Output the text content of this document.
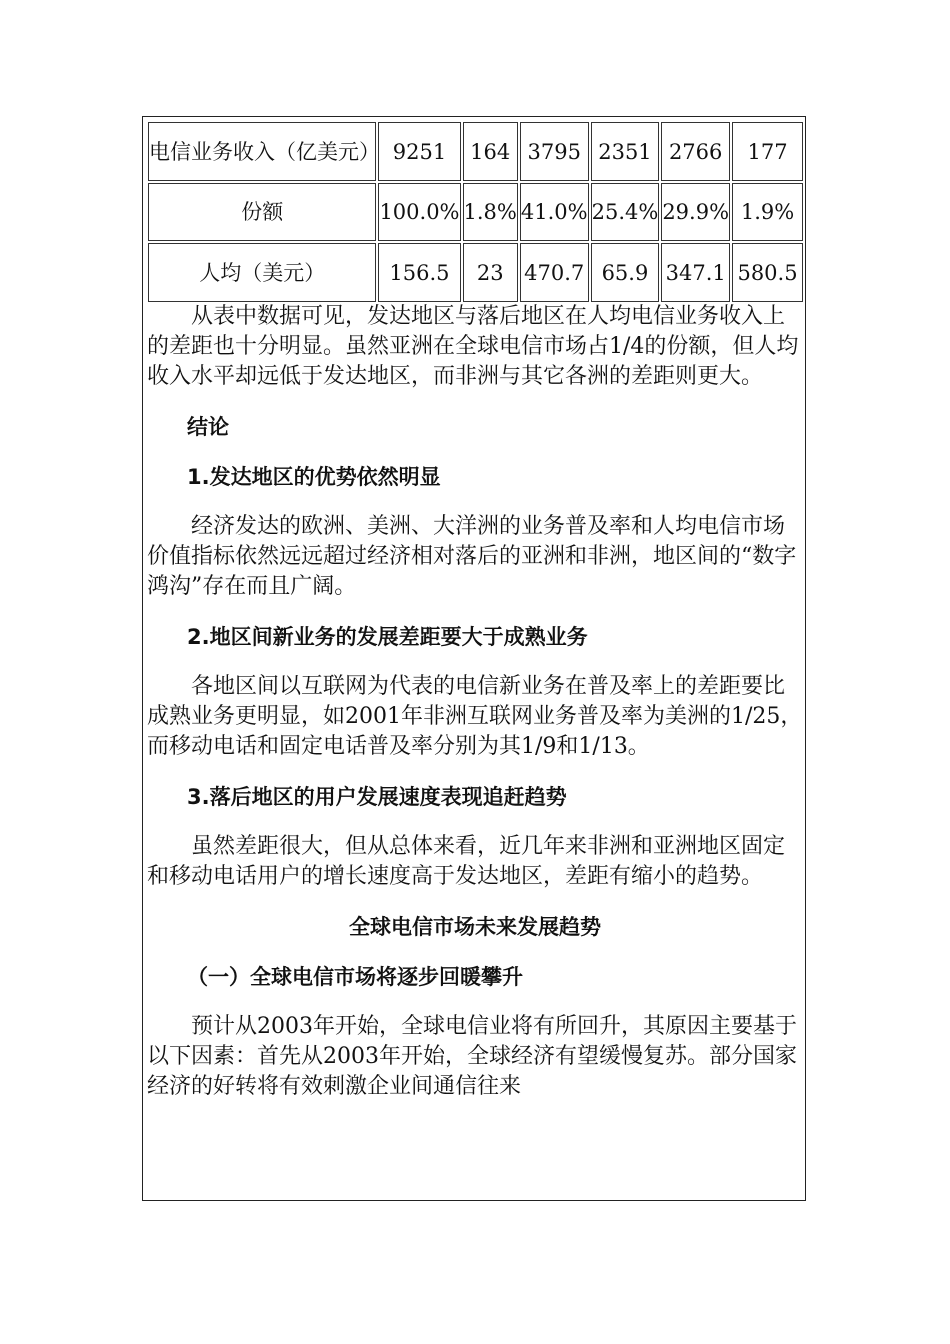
电信业务收入（亿美元）	9251	164	3795	2351	2766	177
份额	100.0%	1.8%	41.0%	25.4%	29.9%	1.9%
人均（美元）	156.5	23	470.7	65.9	347.1	580.5

从表中数据可见，发达地区与落后地区在人均电信业务收入上的差距也十分明显。虽然亚洲在全球电信市场占1/4的份额，但人均收入水平却远低于发达地区，而非洲与其它各洲的差距则更大。

结论

1.发达地区的优势依然明显

经济发达的欧洲、美洲、大洋洲的业务普及率和人均电信市场价值指标依然远远超过经济相对落后的亚洲和非洲，地区间的“数字鸿沟”存在而且广阔。

2.地区间新业务的发展差距要大于成熟业务

各地区间以互联网为代表的电信新业务在普及率上的差距要比成熟业务更明显，如2001年非洲互联网业务普及率为美洲的1/25，而移动电话和固定电话普及率分别为其1/9和1/13。

3.落后地区的用户发展速度表现追赶趋势

虽然差距很大，但从总体来看，近几年来非洲和亚洲地区固定和移动电话用户的增长速度高于发达地区，差距有缩小的趋势。

全球电信市场未来发展趋势

（一）全球电信市场将逐步回暖攀升

预计从2003年开始，全球电信业将有所回升，其原因主要基于以下因素：首先从2003年开始，全球经济有望缓慢复苏。部分国家经济的好转将有效刺激企业间通信往来
